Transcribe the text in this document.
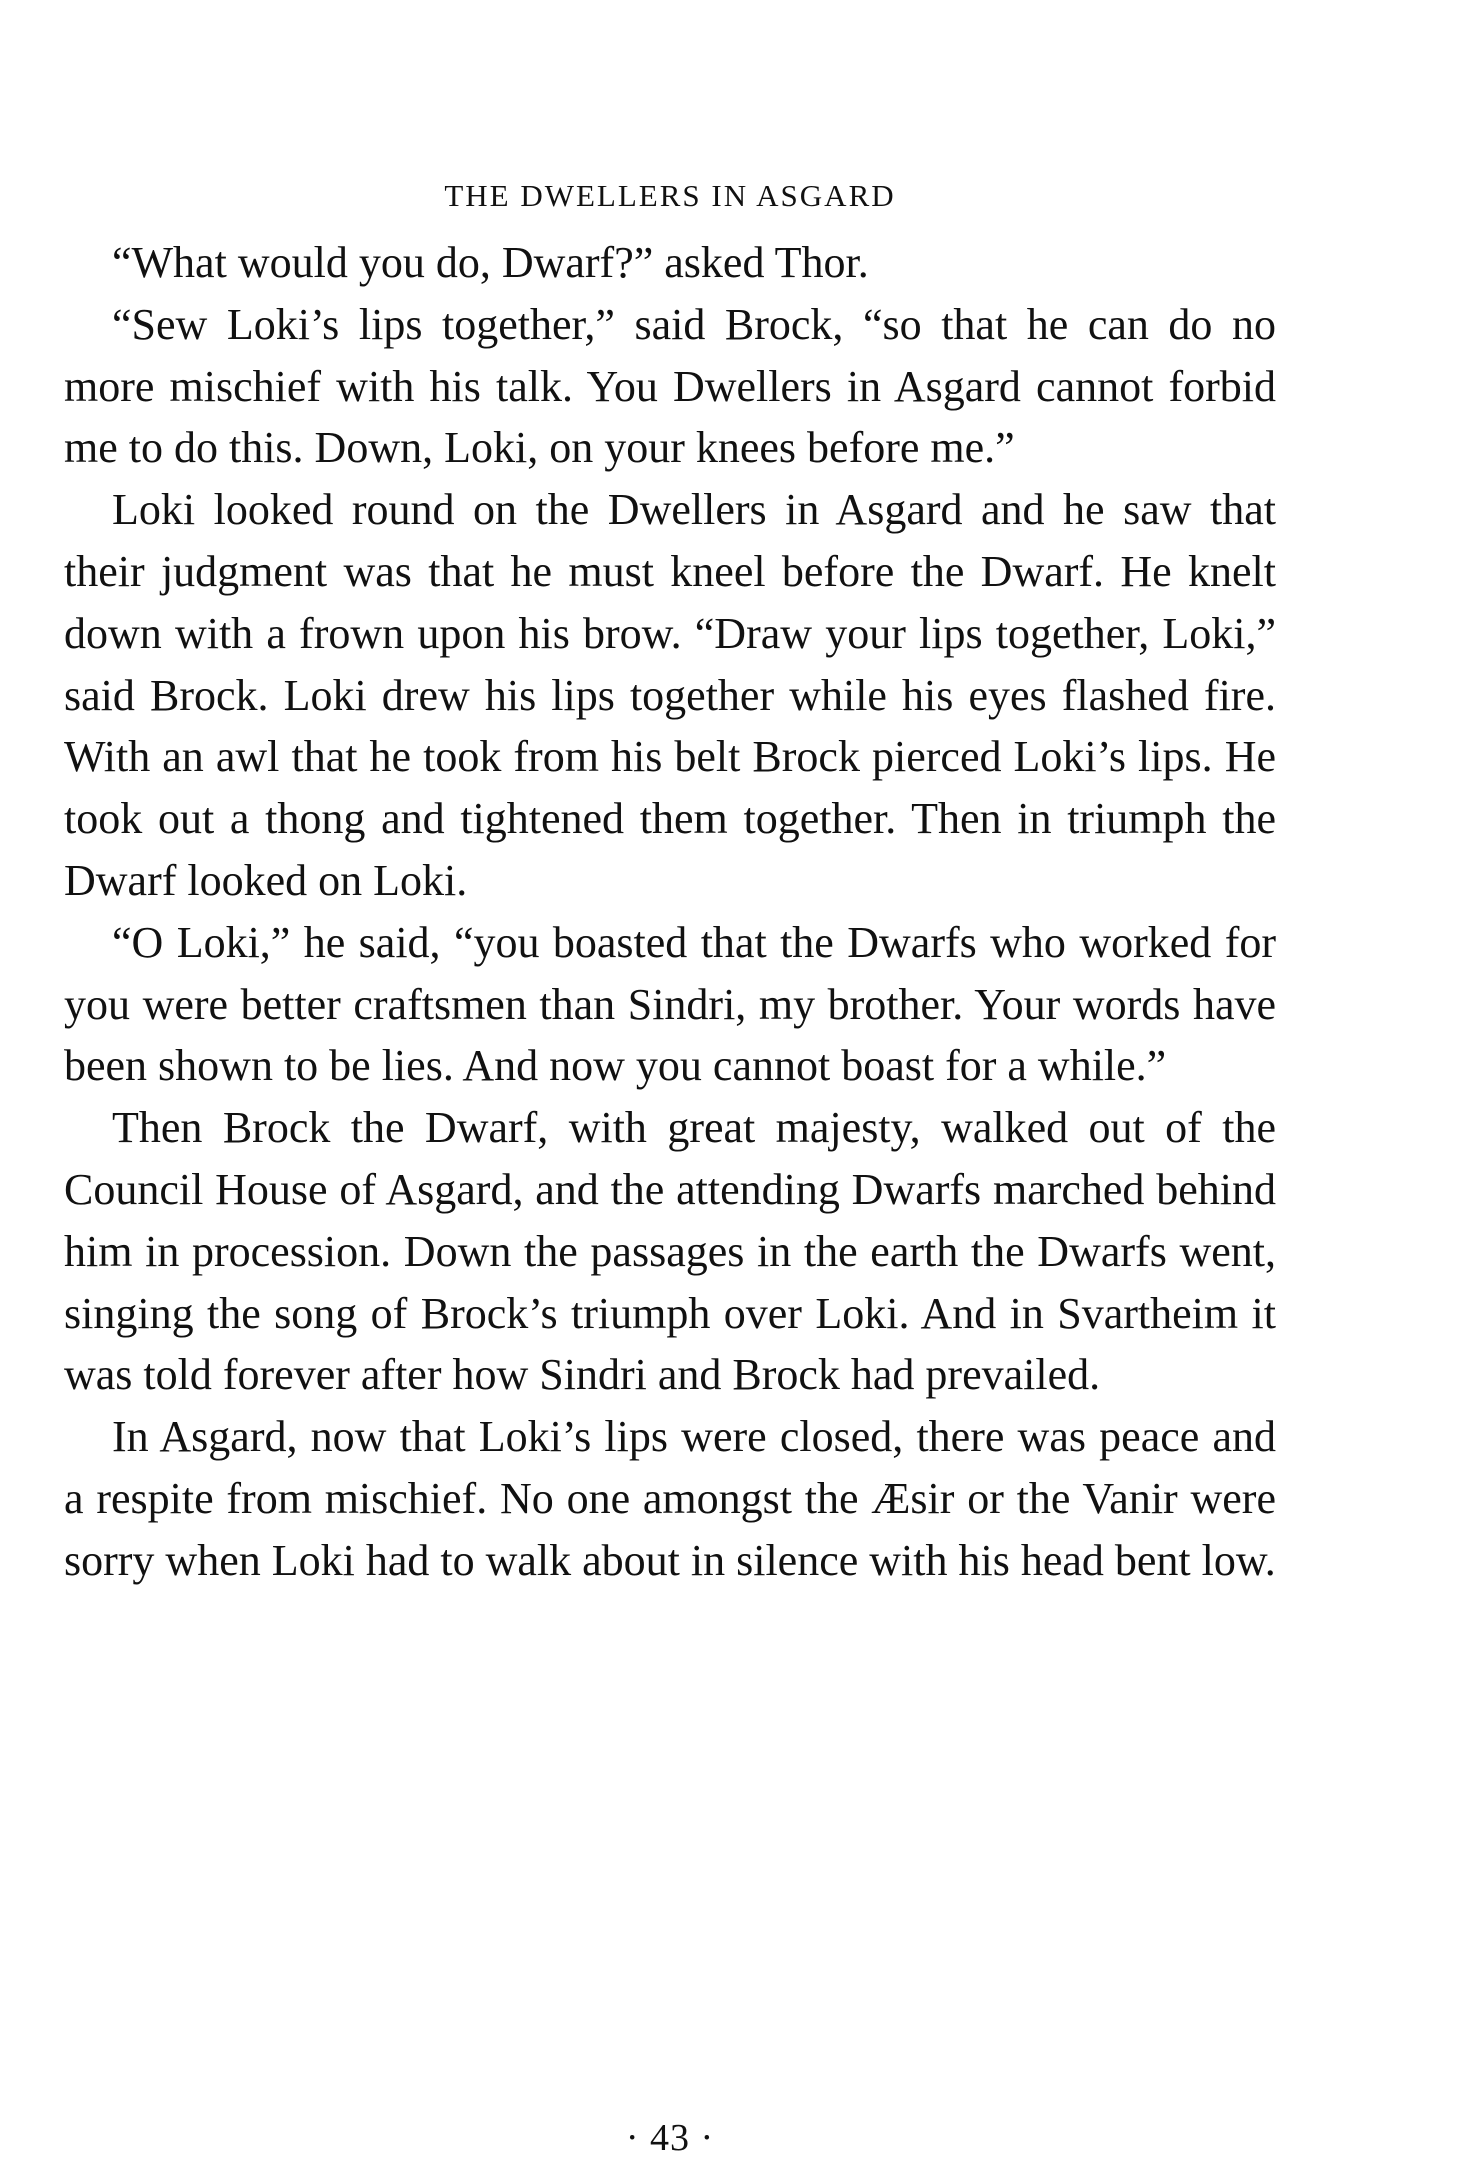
THE DWELLERS IN ASGARD

“What would you do, Dwarf?” asked Thor.

“Sew Loki’s lips together,” said Brock, “so that he can do no more mischief with his talk. You Dwellers in Asgard cannot forbid me to do this. Down, Loki, on your knees before me.”

Loki looked round on the Dwellers in Asgard and he saw that their judgment was that he must kneel before the Dwarf. He knelt down with a frown upon his brow. “Draw your lips together, Loki,” said Brock. Loki drew his lips together while his eyes flashed fire. With an awl that he took from his belt Brock pierced Loki’s lips. He took out a thong and tightened them together. Then in triumph the Dwarf looked on Loki.

“O Loki,” he said, “you boasted that the Dwarfs who worked for you were better craftsmen than Sindri, my brother. Your words have been shown to be lies. And now you cannot boast for a while.”

Then Brock the Dwarf, with great majesty, walked out of the Council House of Asgard, and the attending Dwarfs marched behind him in procession. Down the passages in the earth the Dwarfs went, singing the song of Brock’s triumph over Loki. And in Svartheim it was told forever after how Sindri and Brock had prevailed.

In Asgard, now that Loki’s lips were closed, there was peace and a respite from mischief. No one amongst the Æsir or the Vanir were sorry when Loki had to walk about in silence with his head bent low.

· 43 ·
